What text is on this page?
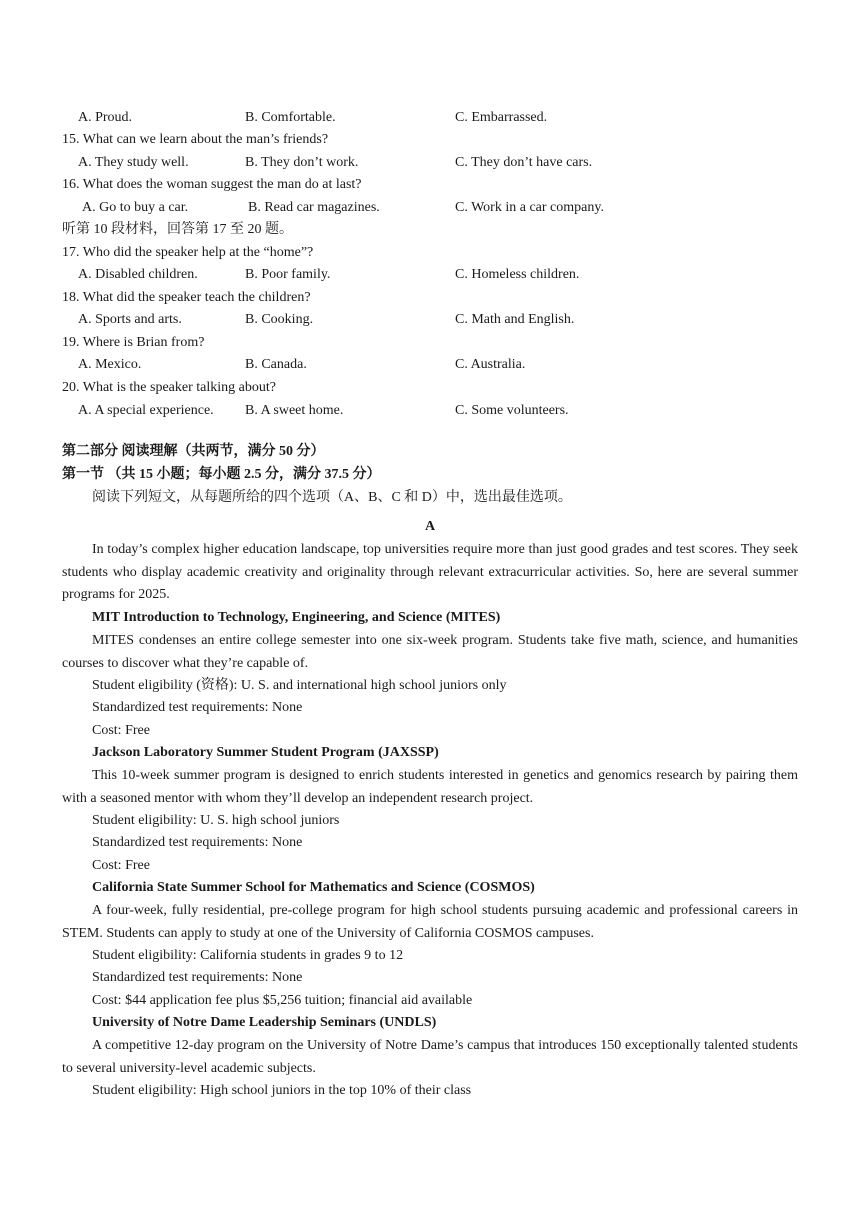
A. Proud.	B. Comfortable.	C. Embarrassed.
15. What can we learn about the man’s friends?
A. They study well.	B. They don’t work.	C. They don’t have cars.
16. What does the woman suggest the man do at last?
A. Go to buy a car.	B. Read car magazines.	C. Work in a car company.
听第 10 段材料，回答第 17 至 20 题。
17. Who did the speaker help at the “home”?
A. Disabled children.	B. Poor family.	C. Homeless children.
18. What did the speaker teach the children?
A. Sports and arts.	B. Cooking.	C. Math and English.
19. Where is Brian from?
A. Mexico.	B. Canada.	C. Australia.
20. What is the speaker talking about?
A. A special experience. B. A sweet home.	C. Some volunteers.
第二部分 阅读理解（共两节，满分 50 分）
第一节 （共 15 小题；每小题 2.5 分，满分 37.5 分）
阅读下列短文，从每题所给的四个选项（A、B、C 和 D）中，选出最佳选项。
A
In today’s complex higher education landscape, top universities require more than just good grades and test scores. They seek students who display academic creativity and originality through relevant extracurricular activities. So, here are several summer programs for 2025.
MIT Introduction to Technology, Engineering, and Science (MITES)
MITES condenses an entire college semester into one six-week program. Students take five math, science, and humanities courses to discover what they’re capable of.
Student eligibility (资格): U. S. and international high school juniors only
Standardized test requirements: None
Cost: Free
Jackson Laboratory Summer Student Program (JAXSSP)
This 10-week summer program is designed to enrich students interested in genetics and genomics research by pairing them with a seasoned mentor with whom they’ll develop an independent research project.
Student eligibility: U. S. high school juniors
Standardized test requirements: None
Cost: Free
California State Summer School for Mathematics and Science (COSMOS)
A four-week, fully residential, pre-college program for high school students pursuing academic and professional careers in STEM. Students can apply to study at one of the University of California COSMOS campuses.
Student eligibility: California students in grades 9 to 12
Standardized test requirements: None
Cost: $44 application fee plus $5,256 tuition; financial aid available
University of Notre Dame Leadership Seminars (UNDLS)
A competitive 12-day program on the University of Notre Dame’s campus that introduces 150 exceptionally talented students to several university-level academic subjects.
Student eligibility: High school juniors in the top 10% of their class
